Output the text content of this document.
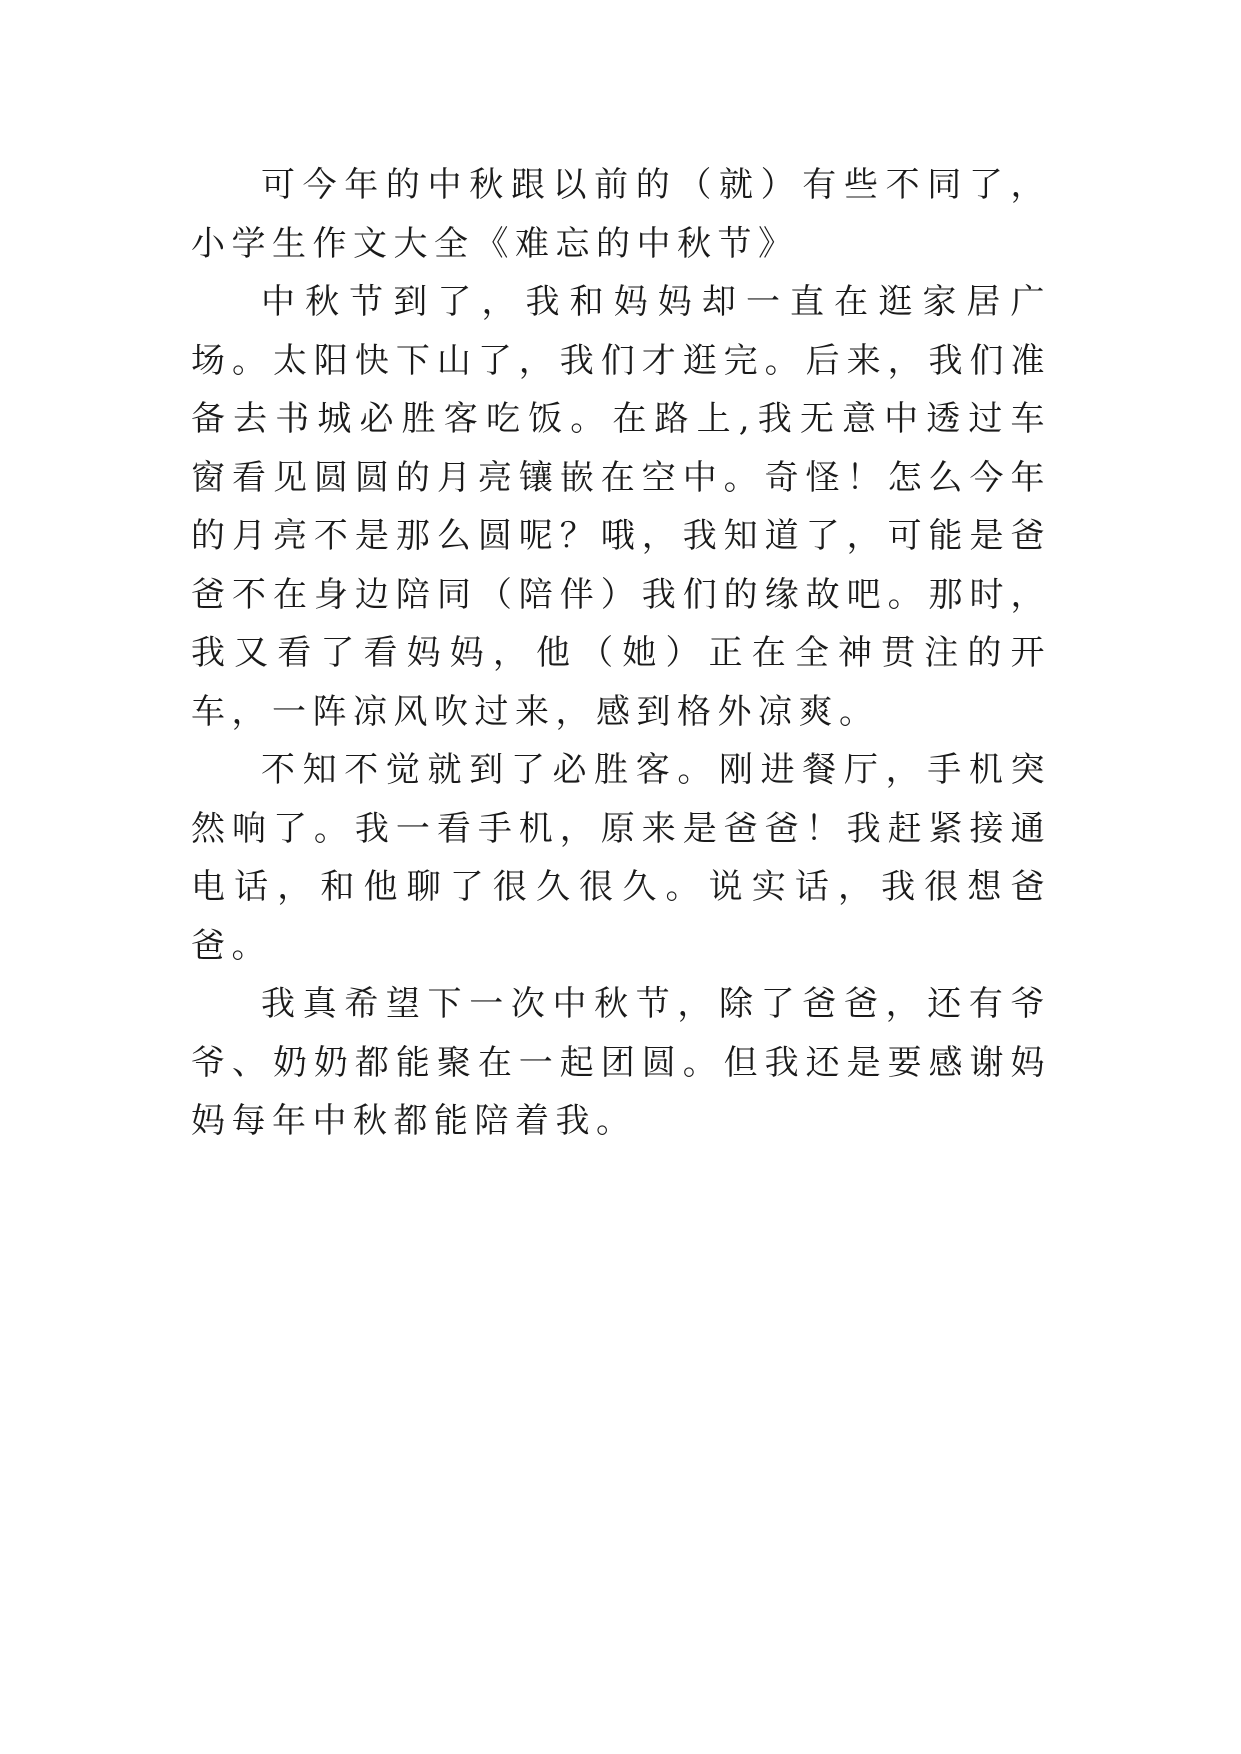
可今年的中秋跟以前的（就）有些不同了，小学生作文大全《难忘的中秋节》

中秋节到了，我和妈妈却一直在逛家居广场。太阳快下山了，我们才逛完。后来，我们准备去书城必胜客吃饭。在路上,我无意中透过车窗看见圆圆的月亮镶嵌在空中。奇怪！怎么今年的月亮不是那么圆呢？哦，我知道了，可能是爸爸不在身边陪同（陪伴）我们的缘故吧。那时，我又看了看妈妈，他（她）正在全神贯注的开车，一阵凉风吹过来，感到格外凉爽。

不知不觉就到了必胜客。刚进餐厅，手机突然响了。我一看手机，原来是爸爸！我赶紧接通电话，和他聊了很久很久。说实话，我很想爸爸。

我真希望下一次中秋节，除了爸爸，还有爷爷、奶奶都能聚在一起团圆。但我还是要感谢妈妈每年中秋都能陪着我。
